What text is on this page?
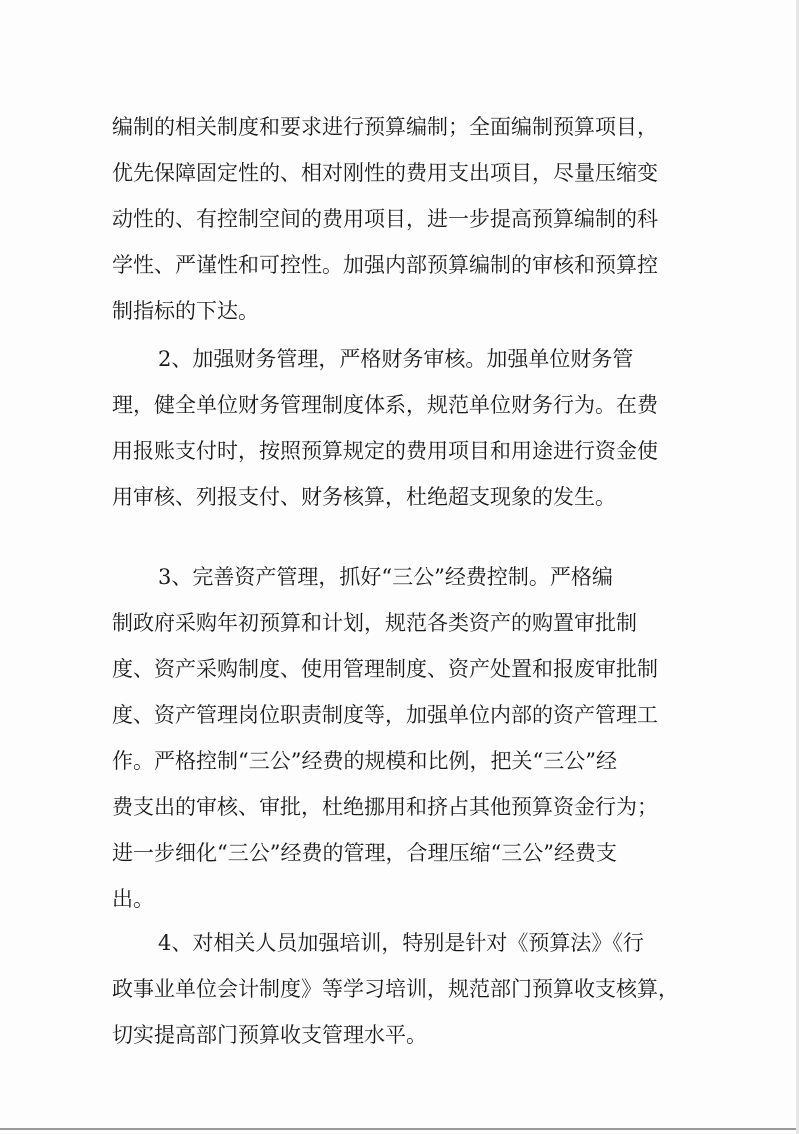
编制的相关制度和要求进行预算编制；全面编制预算项目，

优先保障固定性的、相对刚性的费用支出项目，尽量压缩变

动性的、有控制空间的费用项目，进一步提高预算编制的科

学性、严谨性和可控性。加强内部预算编制的审核和预算控

制指标的下达。

2、加强财务管理，严格财务审核。加强单位财务管

理，健全单位财务管理制度体系，规范单位财务行为。在费

用报账支付时，按照预算规定的费用项目和用途进行资金使

用审核、列报支付、财务核算，杜绝超支现象的发生。

3、完善资产管理，抓好“三公”经费控制。严格编

制政府采购年初预算和计划，规范各类资产的购置审批制

度、资产采购制度、使用管理制度、资产处置和报废审批制

度、资产管理岗位职责制度等，加强单位内部的资产管理工

作。严格控制“三公”经费的规模和比例，把关“三公”经

费支出的审核、审批，杜绝挪用和挤占其他预算资金行为；

进一步细化“三公”经费的管理，合理压缩“三公”经费支

出。

4、对相关人员加强培训，特别是针对《预算法》《行

政事业单位会计制度》等学习培训，规范部门预算收支核算，

切实提高部门预算收支管理水平。
